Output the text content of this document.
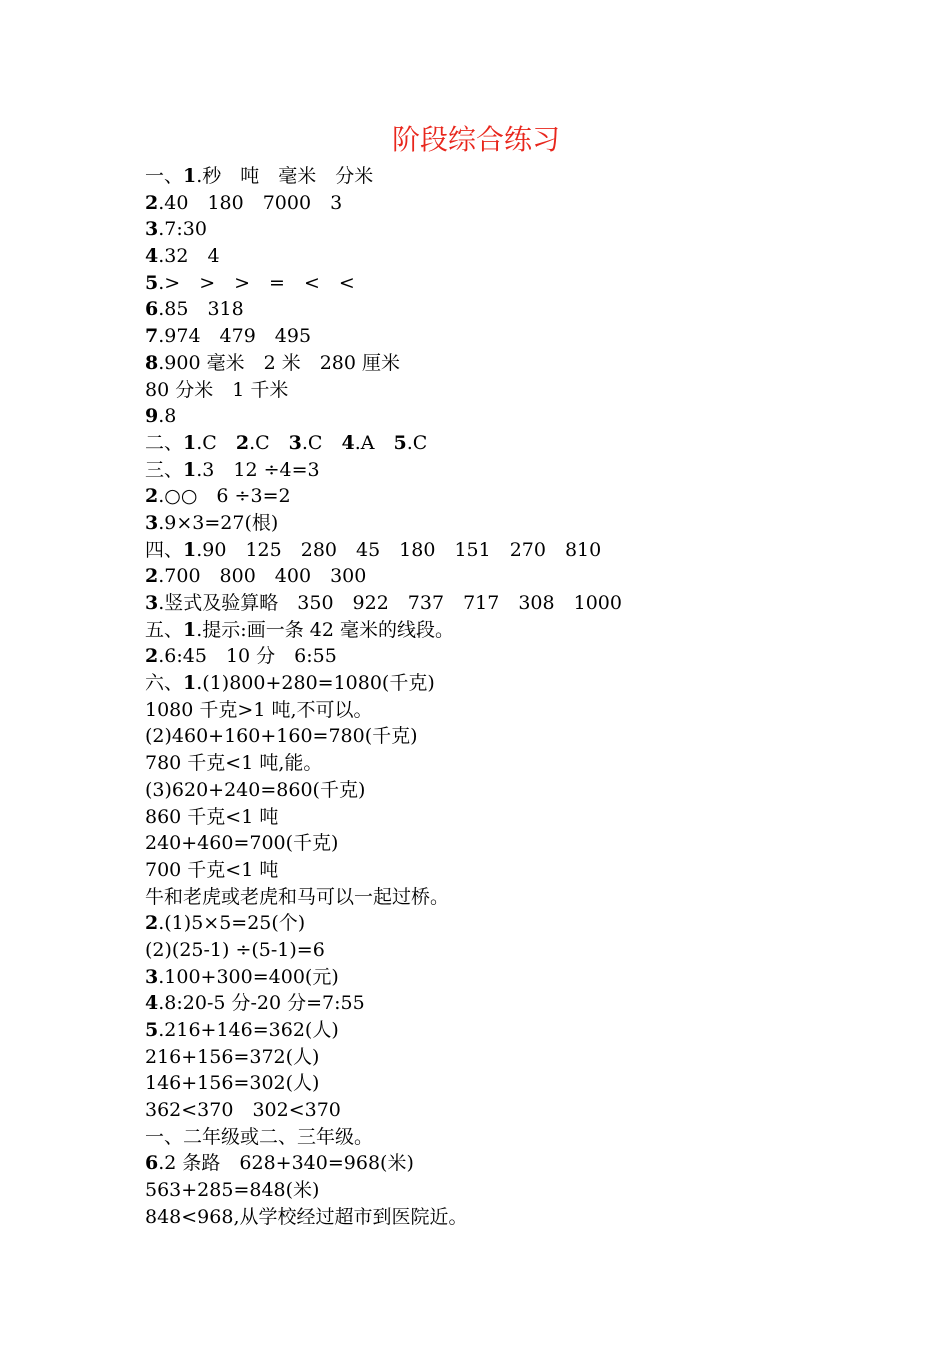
阶段综合练习
一、1.秒　吨　毫米　分米
2.40　180　7000　3
3.7:30
4.32　4
5.>　>　>　=　<　<
6.85　318
7.974　479　495
8.900 毫米　2 米　280 厘米
80 分米　1 千米
9.8
二、1.C　2.C　3.C　4.A　5.C
三、1.3　12 ÷4=3
2.○○　6 ÷3=2
3.9×3=27(根)
四、1.90　125　280　45　180　151　270　810
2.700　800　400　300
3.竖式及验算略　350　922　737　717　308　1000
五、1.提示:画一条 42 毫米的线段。
2.6:45　10 分　6:55
六、1.(1)800+280=1080(千克)
1080 千克>1 吨,不可以。
(2)460+160+160=780(千克)
780 千克<1 吨,能。
(3)620+240=860(千克)
860 千克<1 吨
240+460=700(千克)
700 千克<1 吨
牛和老虎或老虎和马可以一起过桥。
2.(1)5×5=25(个)
(2)(25-1) ÷(5-1)=6
3.100+300=400(元)
4.8:20-5 分-20 分=7:55
5.216+146=362(人)
216+156=372(人)
146+156=302(人)
362<370　302<370
一、二年级或二、三年级。
6.2 条路　628+340=968(米)
563+285=848(米)
848<968,从学校经过超市到医院近。
